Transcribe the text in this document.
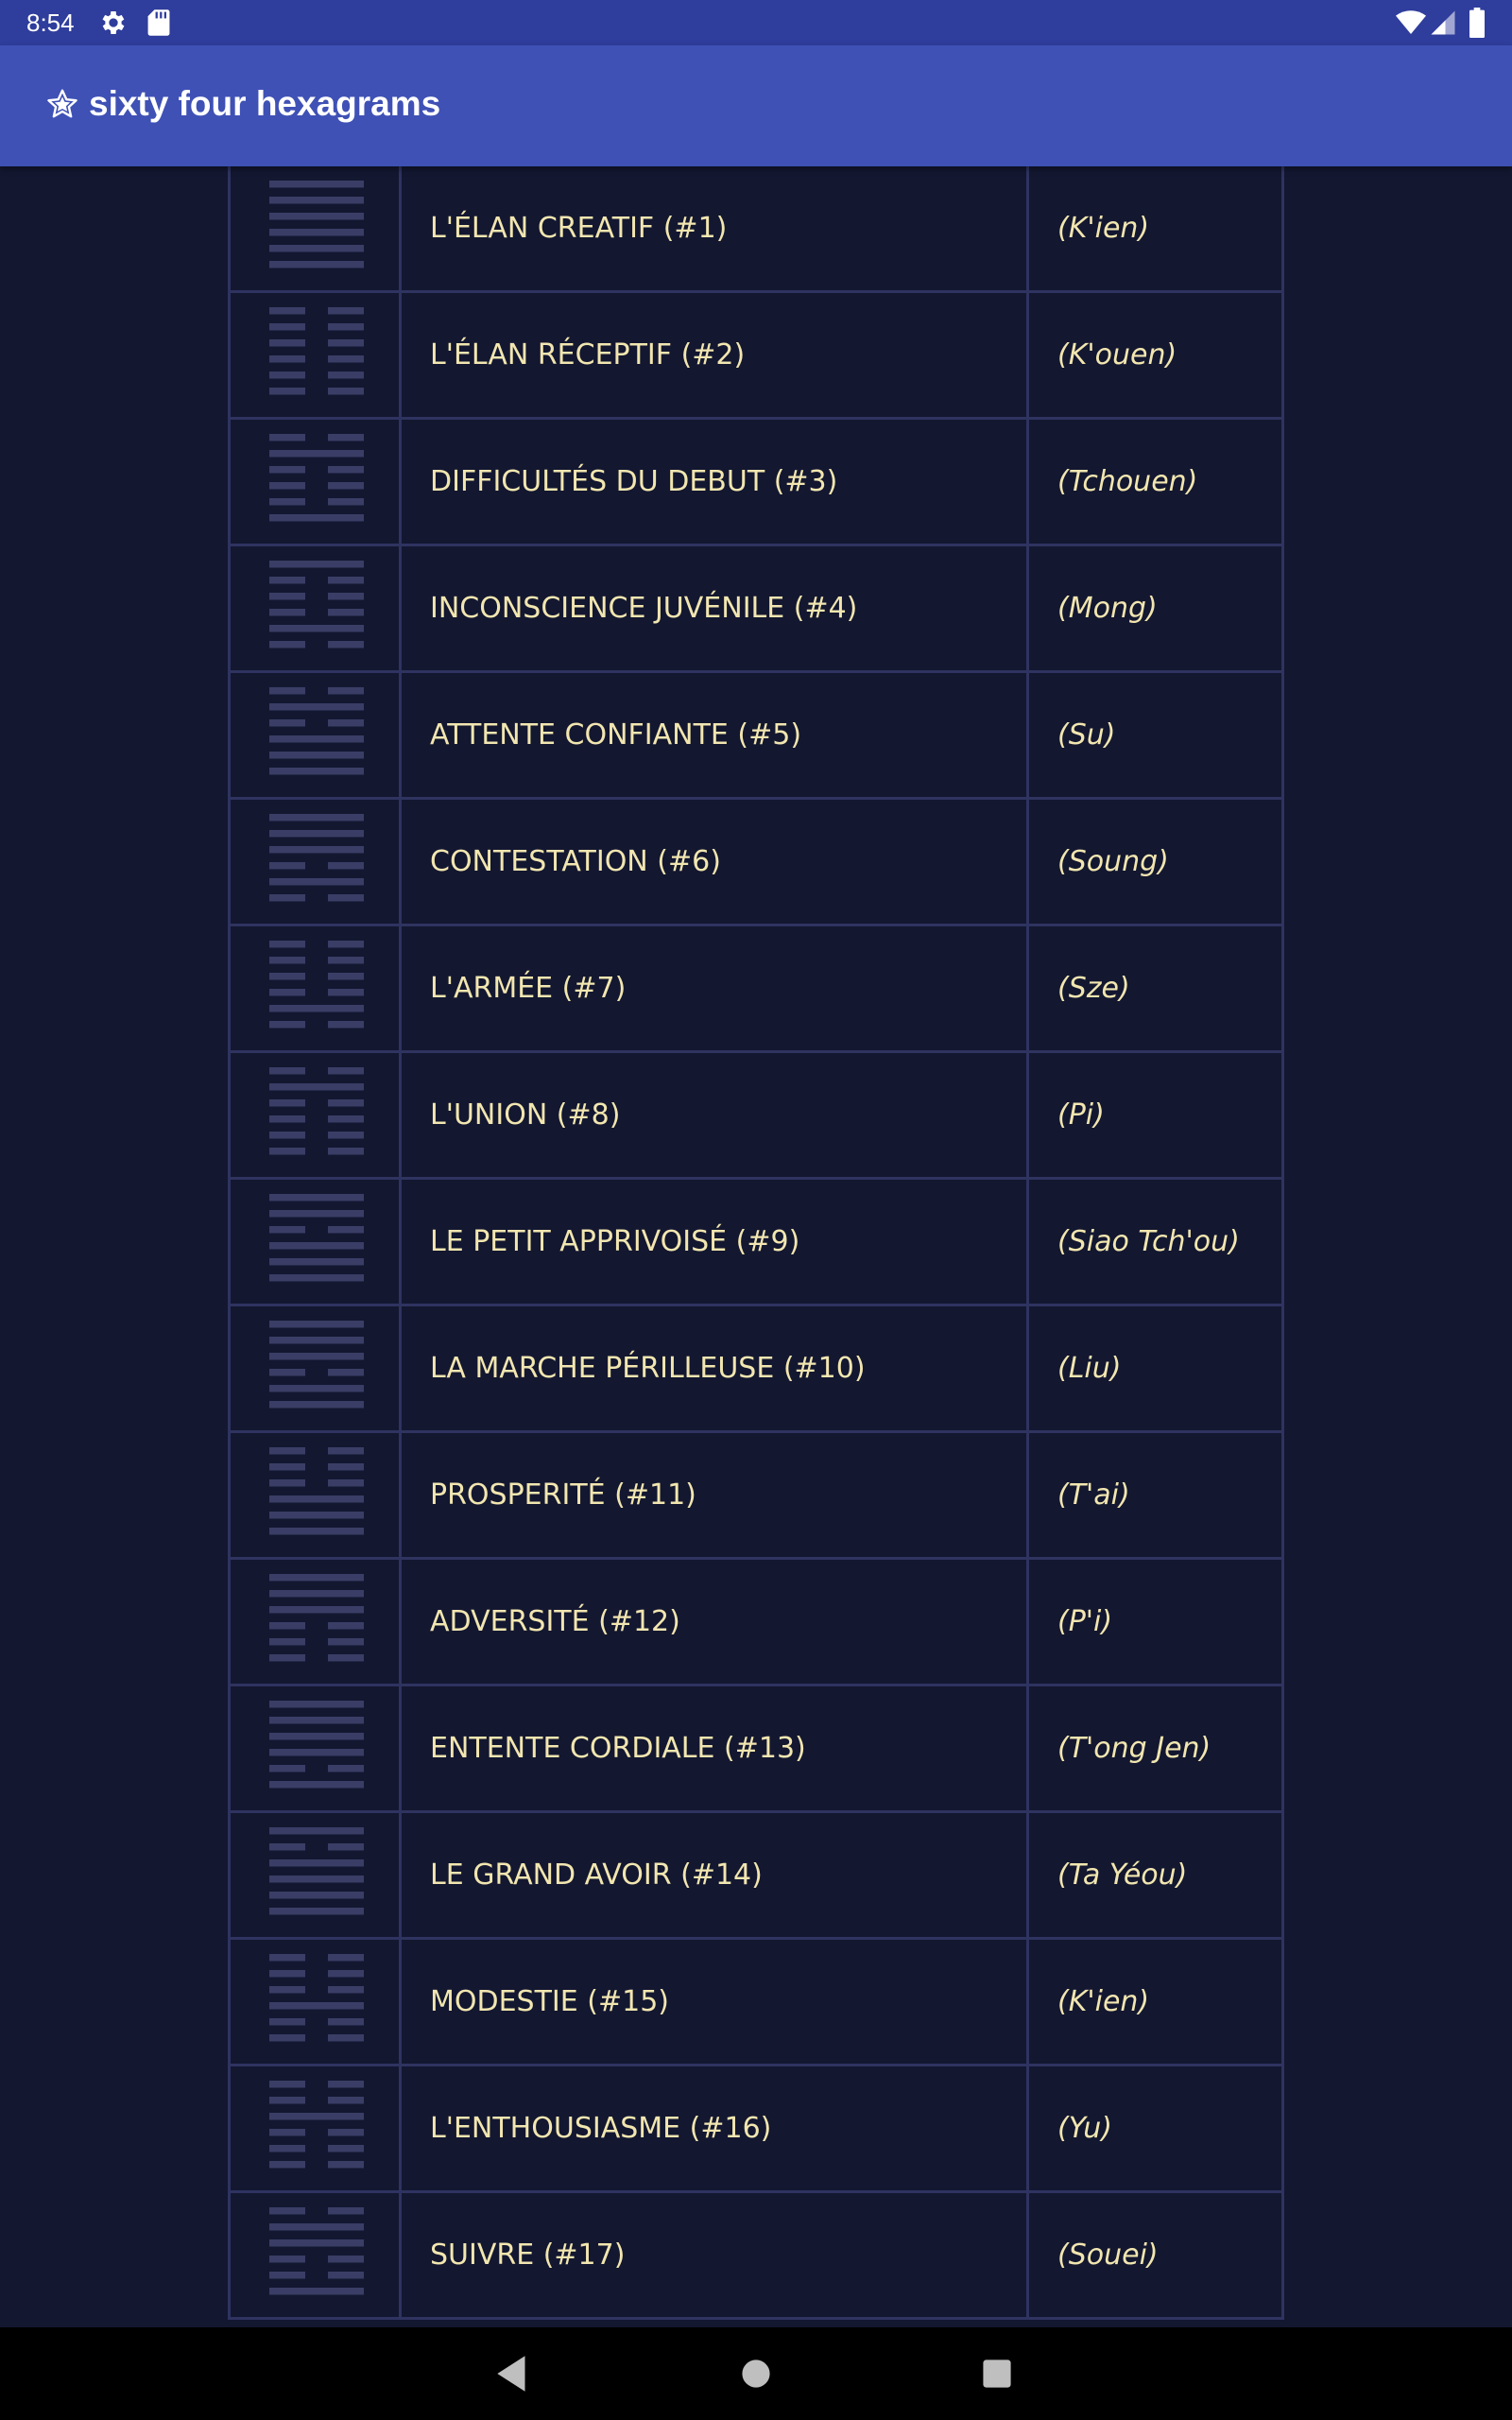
8:54
sixty four hexagrams
L'ÉLAN CREATIF (#1)	(K'ien)
L'ÉLAN RÉCEPTIF (#2)	(K'ouen)
DIFFICULTÉS DU DEBUT (#3)	(Tchouen)
INCONSCIENCE JUVÉNILE (#4)	(Mong)
ATTENTE CONFIANTE (#5)	(Su)
CONTESTATION (#6)	(Soung)
L'ARMÉE (#7)	(Sze)
L'UNION (#8)	(Pi)
LE PETIT APPRIVOISÉ (#9)	(Siao Tch'ou)
LA MARCHE PÉRILLEUSE (#10)	(Liu)
PROSPERITÉ (#11)	(T'ai)
ADVERSITÉ (#12)	(P'i)
ENTENTE CORDIALE (#13)	(T'ong Jen)
LE GRAND AVOIR (#14)	(Ta Yéou)
MODESTIE (#15)	(K'ien)
L'ENTHOUSIASME (#16)	(Yu)
SUIVRE (#17)	(Souei)
